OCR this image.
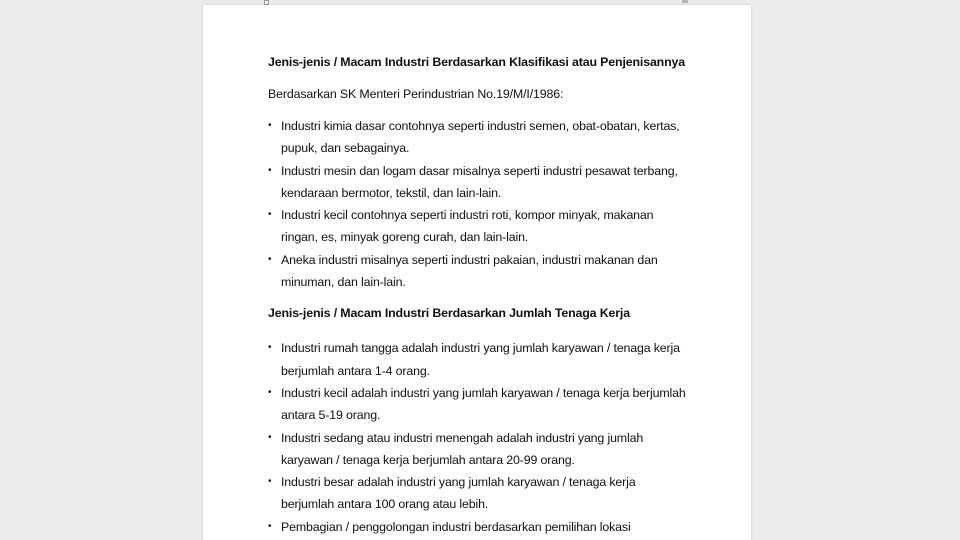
Jenis-jenis / Macam Industri Berdasarkan Klasifikasi atau Penjenisannya

Berdasarkan SK Menteri Perindustrian No.19/M/I/1986:

• Industri kimia dasar contohnya seperti industri semen, obat-obatan, kertas, pupuk, dan sebagainya.
• Industri mesin dan logam dasar misalnya seperti industri pesawat terbang, kendaraan bermotor, tekstil, dan lain-lain.
• Industri kecil contohnya seperti industri roti, kompor minyak, makanan ringan, es, minyak goreng curah, dan lain-lain.
• Aneka industri misalnya seperti industri pakaian, industri makanan dan minuman, dan lain-lain.

Jenis-jenis / Macam Industri Berdasarkan Jumlah Tenaga Kerja

• Industri rumah tangga adalah industri yang jumlah karyawan / tenaga kerja berjumlah antara 1-4 orang.
• Industri kecil adalah industri yang jumlah karyawan / tenaga kerja berjumlah antara 5-19 orang.
• Industri sedang atau industri menengah adalah industri yang jumlah karyawan / tenaga kerja berjumlah antara 20-99 orang.
• Industri besar adalah industri yang jumlah karyawan / tenaga kerja berjumlah antara 100 orang atau lebih.
• Pembagian / penggolongan industri berdasarkan pemilihan lokasi
